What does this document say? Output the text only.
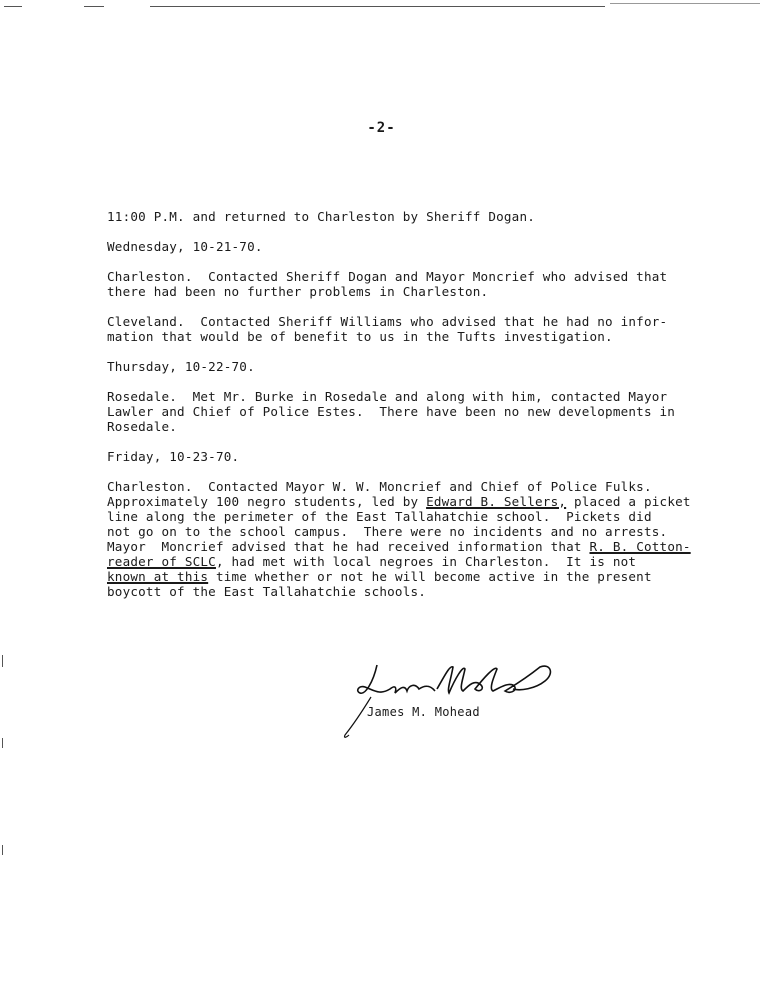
-2-

11:00 P.M. and returned to Charleston by Sheriff Dogan.

Wednesday, 10-21-70.

Charleston.  Contacted Sheriff Dogan and Mayor Moncrief who advised that
there had been no further problems in Charleston.

Cleveland.  Contacted Sheriff Williams who advised that he had no infor-
mation that would be of benefit to us in the Tufts investigation.

Thursday, 10-22-70.

Rosedale.  Met Mr. Burke in Rosedale and along with him, contacted Mayor
Lawler and Chief of Police Estes.  There have been no new developments in
Rosedale.

Friday, 10-23-70.

Charleston.  Contacted Mayor W. W. Moncrief and Chief of Police Fulks.
Approximately 100 negro students, led by Edward B. Sellers, placed a picket
line along the perimeter of the East Tallahatchie school.  Pickets did
not go on to the school campus.  There were no incidents and no arrests.
Mayor  Moncrief advised that he had received information that R. B. Cotton-
reader of SCLC, had met with local negroes in Charleston.  It is not
known at this time whether or not he will become active in the present
boycott of the East Tallahatchie schools.

James M. Mohead
James M. Mohead
